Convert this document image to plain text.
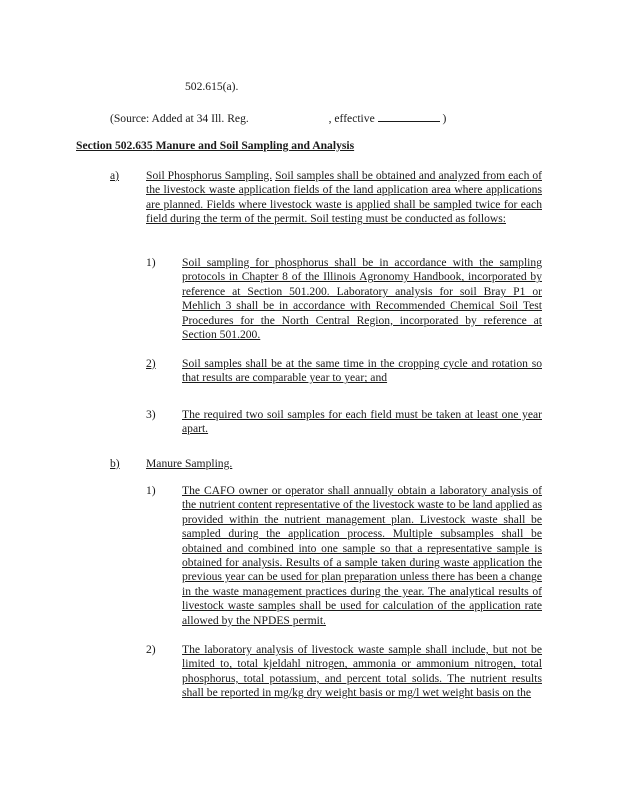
502.615(a).
(Source: Added at 34 Ill. Reg.	, effective	)
Section 502.635 Manure and Soil Sampling and Analysis
a) Soil Phosphorus Sampling. Soil samples shall be obtained and analyzed from each of the livestock waste application fields of the land application area where applications are planned. Fields where livestock waste is applied shall be sampled twice for each field during the term of the permit. Soil testing must be conducted as follows:
1) Soil sampling for phosphorus shall be in accordance with the sampling protocols in Chapter 8 of the Illinois Agronomy Handbook, incorporated by reference at Section 501.200. Laboratory analysis for soil Bray P1 or Mehlich 3 shall be in accordance with Recommended Chemical Soil Test Procedures for the North Central Region, incorporated by reference at Section 501.200.
2) Soil samples shall be at the same time in the cropping cycle and rotation so that results are comparable year to year; and
3) The required two soil samples for each field must be taken at least one year apart.
b) Manure Sampling.
1) The CAFO owner or operator shall annually obtain a laboratory analysis of the nutrient content representative of the livestock waste to be land applied as provided within the nutrient management plan. Livestock waste shall be sampled during the application process. Multiple subsamples shall be obtained and combined into one sample so that a representative sample is obtained for analysis. Results of a sample taken during waste application the previous year can be used for plan preparation unless there has been a change in the waste management practices during the year. The analytical results of livestock waste samples shall be used for calculation of the application rate allowed by the NPDES permit.
2) The laboratory analysis of livestock waste sample shall include, but not be limited to, total kjeldahl nitrogen, ammonia or ammonium nitrogen, total phosphorus, total potassium, and percent total solids. The nutrient results shall be reported in mg/kg dry weight basis or mg/l wet weight basis on the
